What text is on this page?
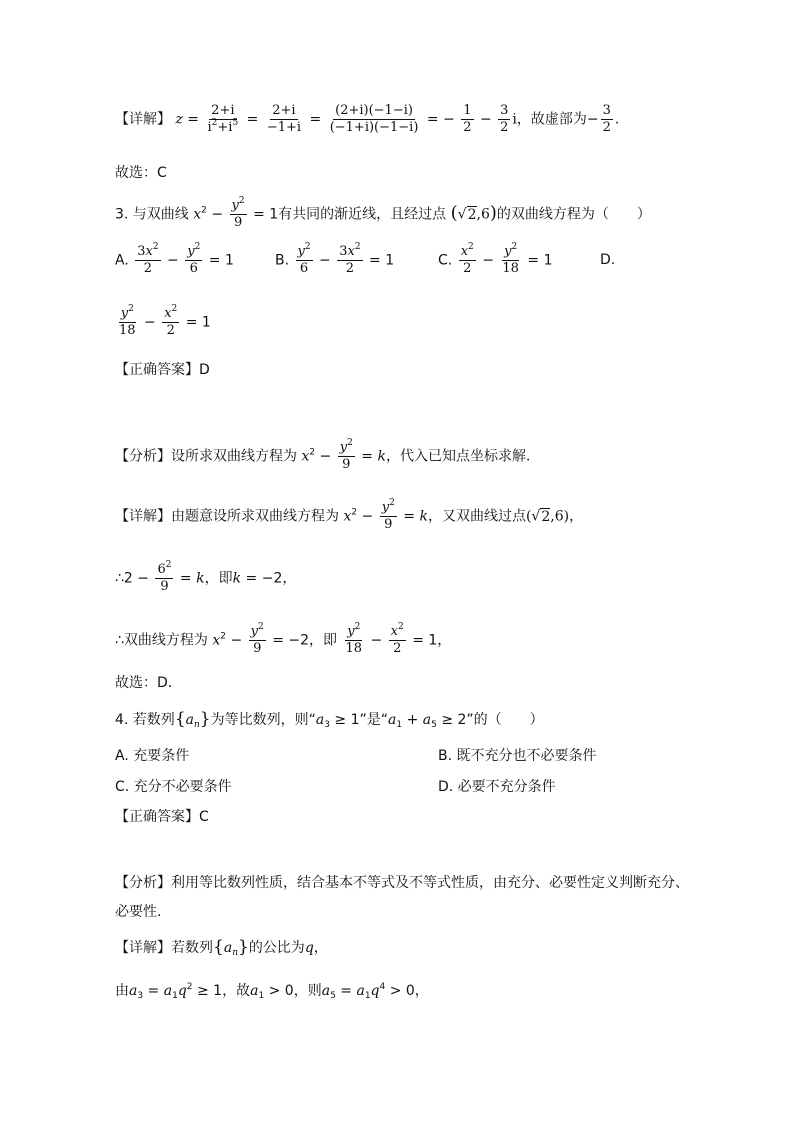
【详解】 $z = \frac{2+i}{i^2+i^5} = \frac{2+i}{-1+i} = \frac{(2+i)(-1-i)}{(-1+i)(-1-i)}$ = − $\frac{1}{2} - \frac{3}{2}$ i，故虚部为− $\frac{3}{2}$ .
故选：C
3. 与双曲线 $x^2 - \frac{y^2}{9} = 1$有共同的渐近线，且经过点 (√2,6)的双曲线方程为（　　）
A. $\frac{3x^2}{2} - \frac{y^2}{6} = 1$	B. $\frac{y^2}{6} - \frac{3x^2}{2} = 1$	C. $\frac{x^2}{2} - \frac{y^2}{18} = 1$	D.
$\frac{y^2}{18} - \frac{x^2}{2} = 1$
【正确答案】D
【分析】设所求双曲线方程为 $x^2 - \frac{y^2}{9} = k$，代入已知点坐标求解．
【详解】由题意设所求双曲线方程为 $x^2 - \frac{y^2}{9} = k$，又双曲线过点(√2,6)，
∴2 − $\frac{6^2}{9} = k$，即k = −2，
∴双曲线方程为 $x^2 - \frac{y^2}{9} = -2$，即 $\frac{y^2}{18} - \frac{x^2}{2} = 1$，
故选：D．
4. 若数列$\{a_n\}$为等比数列，则“$a_3 \ge 1$”是“$a_1 + a_5 \ge 2$”的（　　）
A. 充要条件	B. 既不充分也不必要条件
C. 充分不必要条件	D. 必要不充分条件
【正确答案】C
【分析】利用等比数列性质，结合基本不等式及不等式性质，由充分、必要性定义判断充分、
必要性.
【详解】若数列$\{a_n\}$的公比为q，
由$a_3 = a_1q^2 \ge 1$，故$a_1 > 0$，则$a_5 = a_1q^4 > 0$，
